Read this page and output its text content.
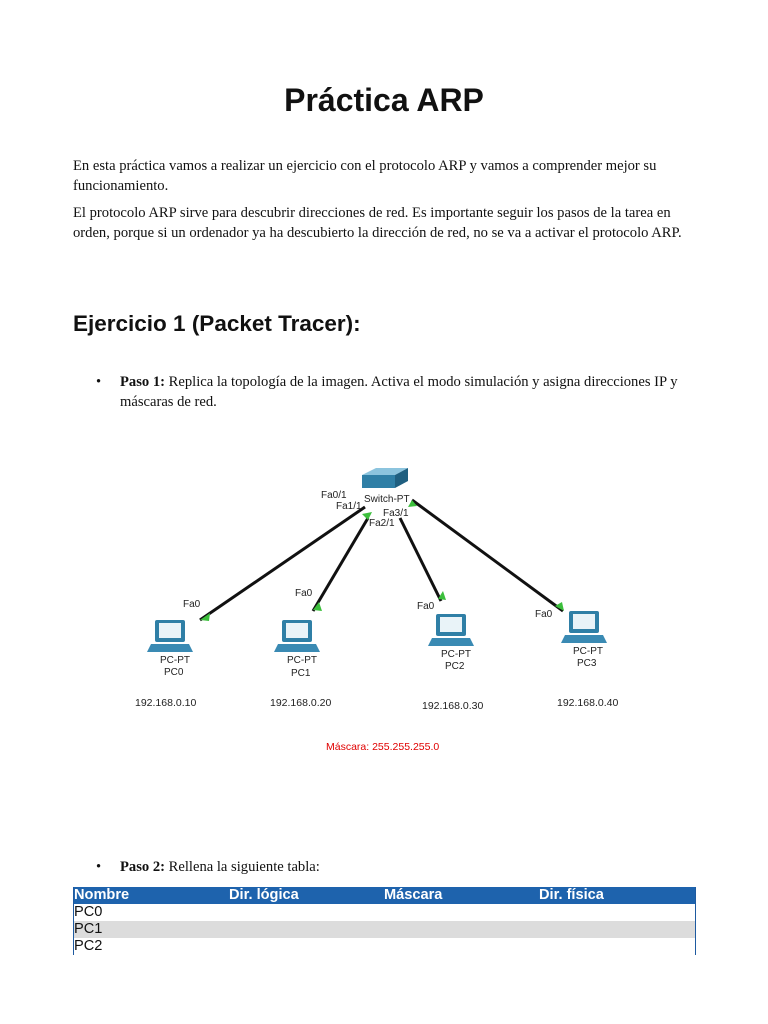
Práctica ARP

En esta práctica vamos a realizar un ejercicio con el protocolo ARP y vamos a comprender mejor su funcionamiento.

El protocolo ARP sirve para descubrir direcciones de red. Es importante seguir los pasos de la tarea en orden, porque si un ordenador ya ha descubierto la dirección de red, no se va a activar el protocolo ARP.

Ejercicio 1 (Packet Tracer):
•	Paso 1: Replica la topología de la imagen. Activa el modo simulación y asigna direcciones IP y máscaras de red.
Switch-PT
Fa0/1
Fa1/1
Fa2/1
Fa3/1
Fa0
PC-PT
PC0
192.168.0.10
Fa0
PC-PT
PC1
192.168.0.20
Fa0
PC-PT
PC2
192.168.0.30
Fa0
PC-PT
PC3
192.168.0.40
Máscara: 255.255.255.0
•	Paso 2: Rellena la siguiente tabla:
Nombre	Dir. lógica	Máscara	Dir. física
PC0
PC1
PC2
